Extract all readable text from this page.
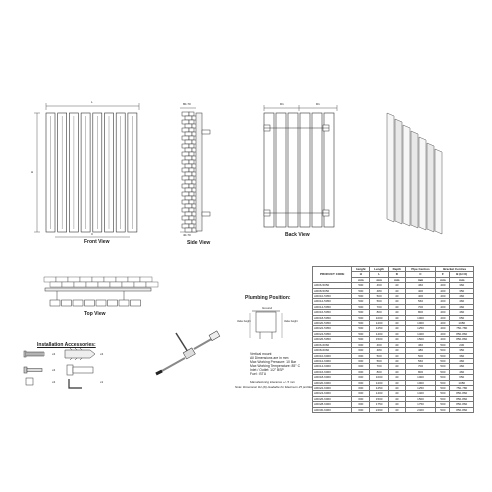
L
H
C
Front View
80-70
40-70
Side View
D1	D1
Back View
Top View
Installation Accessories:
x4	x4
x4
x4	x1
Plumbing Position:
Ground
Valve height	Valve height
Vertical mount
All Dimensions are in mm
Max Working Pressure: 10 Bar
Max Working Temperature: 85° C
Inlet / Outlet: 1/2" BSP
Fuel : BTU
Manufacturing tolerance +/- 5 mm
Note: Dimension D1 (D) Available for Maximum 25 profiles
PRODUCT CODE	Height	Length	Depth	Pipe Centres	Bracket Centres	
	H	L	D	C	F	B (H=X)
	mm	mm	mm	mm	mm	mm
AR06-5050	500	460	40	460	400	360
AR08-5050	500	480	40	400	400	350
AR010-5050	500	500	40	400	400	460
AR012-5050	500	560	40	560	400	460
AR014-5050	500	700	40	700	400	460
AR016-5050	500	800	40	800	400	460
AR018-5050	500	1000	40	1000	400	650
AR020-5050	500	1200	40	1000	400	1080
AR022-5050	500	1250	40	1250	400	750-780
AR024-5050	500	1400	40	1400	400	850-860
AR026-5050	500	1500	40	1500	400	850-860
AR06-6060	600	460	40	460	500	230
AR08-6060	600	480	40	480	500	350
AR010-6060	600	500	40	500	500	360
AR012-6060	600	560	40	560	500	460
AR014-6060	600	700	40	700	500	460
AR016-6060	600	800	40	800	500	460
AR018-6060	600	1000	40	1000	500	650
AR020-6060	600	1200	40	1000	500	1080
AR022-6060	600	1250	40	1250	500	750-780
AR024-6060	600	1400	40	1400	500	850-860
AR026-6060	600	1500	40	1500	500	850-860
AR028-6060	600	1750	40	1750	500	850-860
AR030-6060	600	2490	40	2400	500	850-860
